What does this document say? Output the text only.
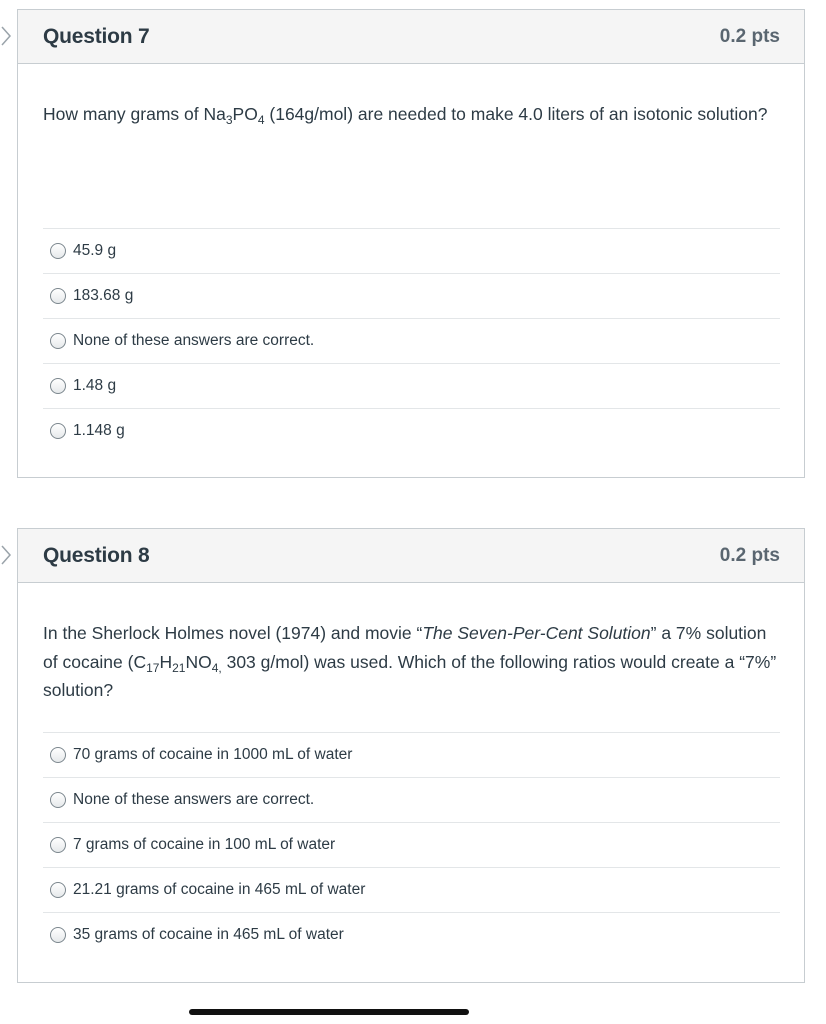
Question 7	0.2 pts
How many grams of $Na_3PO_4$ (164g/mol) are needed to make 4.0 liters of an isotonic solution?
45.9 g
183.68 g
None of these answers are correct.
1.48 g
1.148 g
Question 8	0.2 pts
In the Sherlock Holmes novel (1974) and movie “The Seven-Per-Cent Solution” a 7% solution of cocaine ($C_{17}H_{21}NO_{4,}$ 303 g/mol) was used. Which of the following ratios would create a “7%” solution?
70 grams of cocaine in 1000 mL of water
None of these answers are correct.
7 grams of cocaine in 100 mL of water
21.21 grams of cocaine in 465 mL of water
35 grams of cocaine in 465 mL of water
